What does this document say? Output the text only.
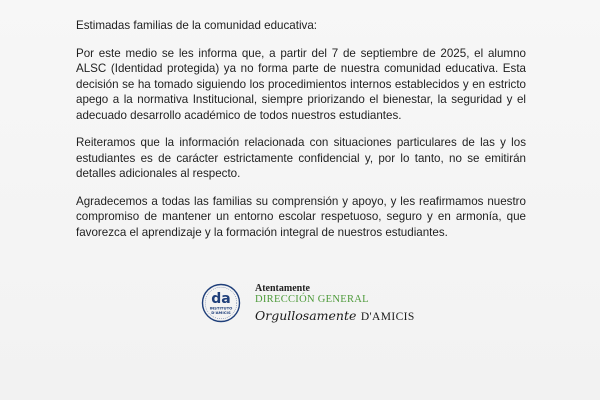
Estimadas familias de la comunidad educativa:

Por este medio se les informa que, a partir del 7 de septiembre de 2025, el alumno ALSC (Identidad protegida) ya no forma parte de nuestra comunidad educativa. Esta decisión se ha tomado siguiendo los procedimientos internos establecidos y en estricto apego a la normativa Institucional, siempre priorizando el bienestar, la seguridad y el adecuado desarrollo académico de todos nuestros estudiantes.

Reiteramos que la información relacionada con situaciones particulares de las y los estudiantes es de carácter estrictamente confidencial y, por lo tanto, no se emitirán detalles adicionales al respecto.

Agradecemos a todas las familias su comprensión y apoyo, y les reafirmamos nuestro compromiso de mantener un entorno escolar respetuoso, seguro y en armonía, que favorezca el aprendizaje y la formación integral de nuestros estudiantes.

da
INSTITUTO
D'AMICIS
Atentamente
DIRECCIÓN GENERAL
Orgullosamente D'AMICIS
